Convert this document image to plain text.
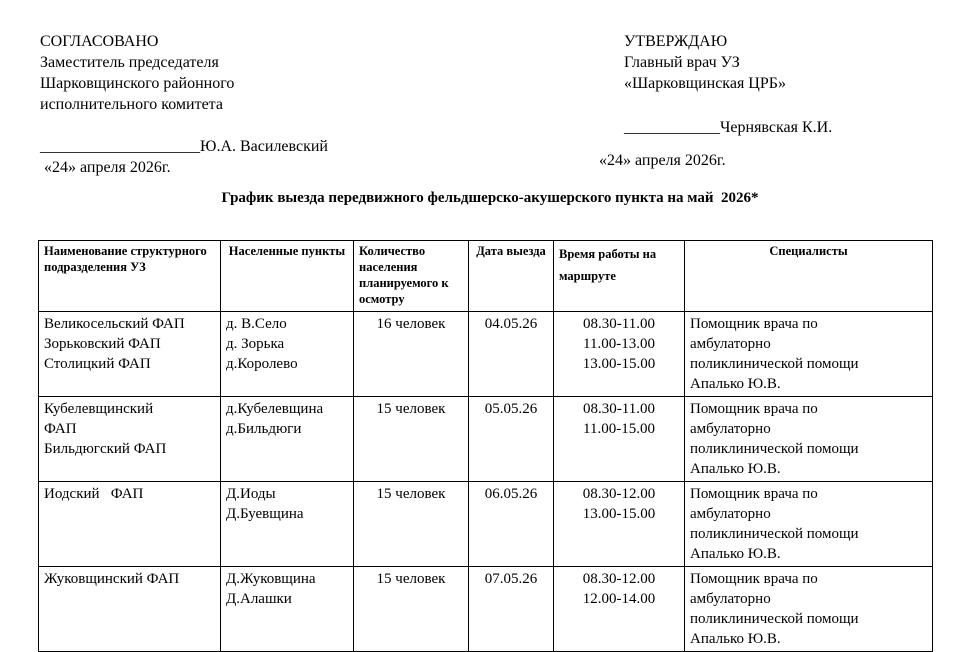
СОГЛАСОВАНО
Заместитель председателя
Шарковщинского районного
исполнительного комитета
____________________Ю.А. Василевский
«24» апреля 2026г.
УТВЕРЖДАЮ
Главный врач УЗ
«Шарковщинская ЦРБ»
____________Чернявская К.И.
«24» апреля 2026г.
График выезда передвижного фельдшерско-акушерского пункта на май  2026*
Наименование структурного подразделения УЗ	Населенные пункты	Количество населения планируемого к осмотру	Дата выезда	Время работы на маршруте	Специалисты

Великосельский ФАП
Зорьковский ФАП
Столицкий ФАП	д. В.Село
д. Зорька
д.Королево	16 человек	04.05.26	08.30-11.00
11.00-13.00
13.00-15.00	Помощник врача по
амбулаторно
поликлинической помощи
Апалько Ю.В.

Кубелевщинский
ФАП
Бильдюгский ФАП	д.Кубелевщина
д.Бильдюги	15 человек	05.05.26	08.30-11.00
11.00-15.00	Помощник врача по
амбулаторно
поликлинической помощи
Апалько Ю.В.

Иодский   ФАП	Д.Иоды
Д.Буевщина	15 человек	06.05.26	08.30-12.00
13.00-15.00	Помощник врача по
амбулаторно
поликлинической помощи
Апалько Ю.В.

Жуковщинский ФАП	Д.Жуковщина
Д.Алашки	15 человек	07.05.26	08.30-12.00
12.00-14.00	Помощник врача по
амбулаторно
поликлинической помощи
Апалько Ю.В.
